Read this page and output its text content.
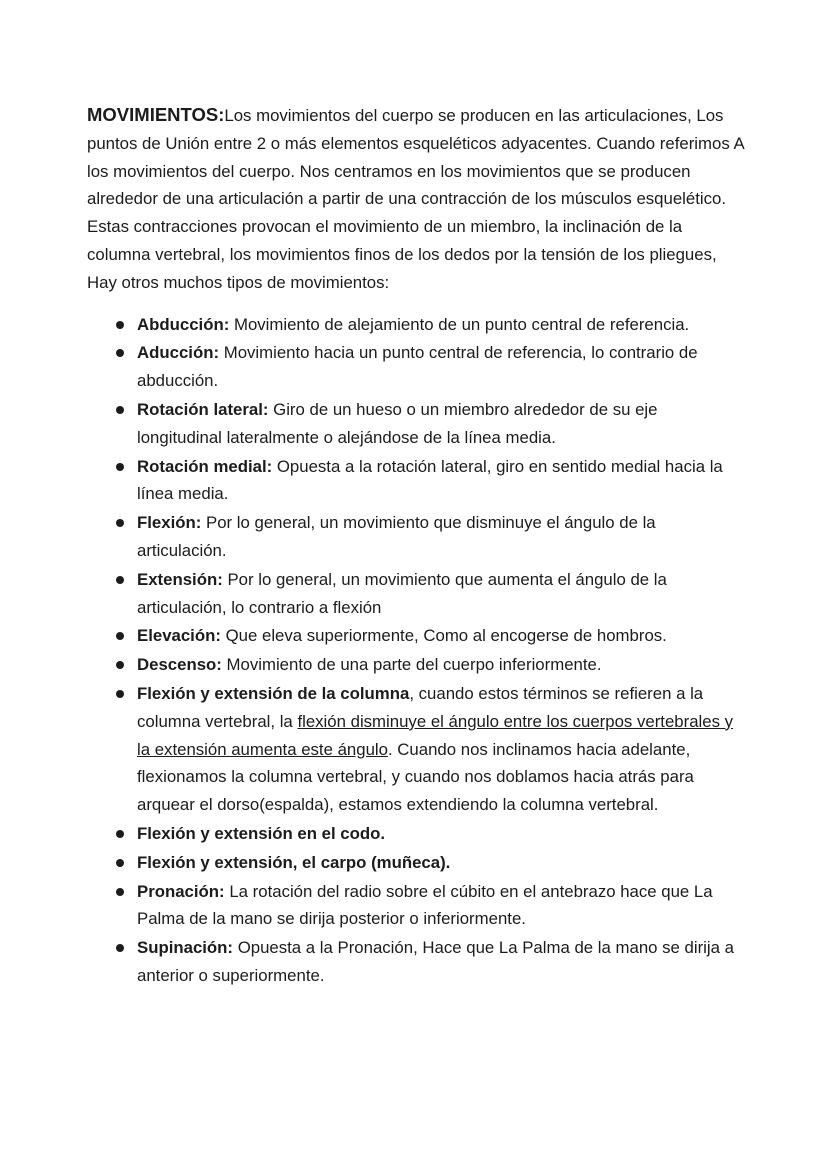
MOVIMIENTOS:Los movimientos del cuerpo se producen en las articulaciones, Los puntos de Unión entre 2 o más elementos esqueléticos adyacentes. Cuando referimos A los movimientos del cuerpo. Nos centramos en los movimientos que se producen alrededor de una articulación a partir de una contracción de los músculos esquelético. Estas contracciones provocan el movimiento de un miembro, la inclinación de la columna vertebral, los movimientos finos de los dedos por la tensión de los pliegues, Hay otros muchos tipos de movimientos:

Abducción: Movimiento de alejamiento de un punto central de referencia.
Aducción: Movimiento hacia un punto central de referencia, lo contrario de abducción.
Rotación lateral: Giro de un hueso o un miembro alrededor de su eje longitudinal lateralmente o alejándose de la línea media.
Rotación medial: Opuesta a la rotación lateral, giro en sentido medial hacia la línea media.
Flexión: Por lo general, un movimiento que disminuye el ángulo de la articulación.
Extensión: Por lo general, un movimiento que aumenta el ángulo de la articulación, lo contrario a flexión
Elevación: Que eleva superiormente, Como al encogerse de hombros.
Descenso: Movimiento de una parte del cuerpo inferiormente.
Flexión y extensión de la columna, cuando estos términos se refieren a la columna vertebral, la flexión disminuye el ángulo entre los cuerpos vertebrales y la extensión aumenta este ángulo. Cuando nos inclinamos hacia adelante, flexionamos la columna vertebral, y cuando nos doblamos hacia atrás para arquear el dorso(espalda), estamos extendiendo la columna vertebral.
Flexión y extensión en el codo.
Flexión y extensión, el carpo (muñeca).
Pronación: La rotación del radio sobre el cúbito en el antebrazo hace que La Palma de la mano se dirija posterior o inferiormente.
Supinación: Opuesta a la Pronación, Hace que La Palma de la mano se dirija a anterior o superiormente.
